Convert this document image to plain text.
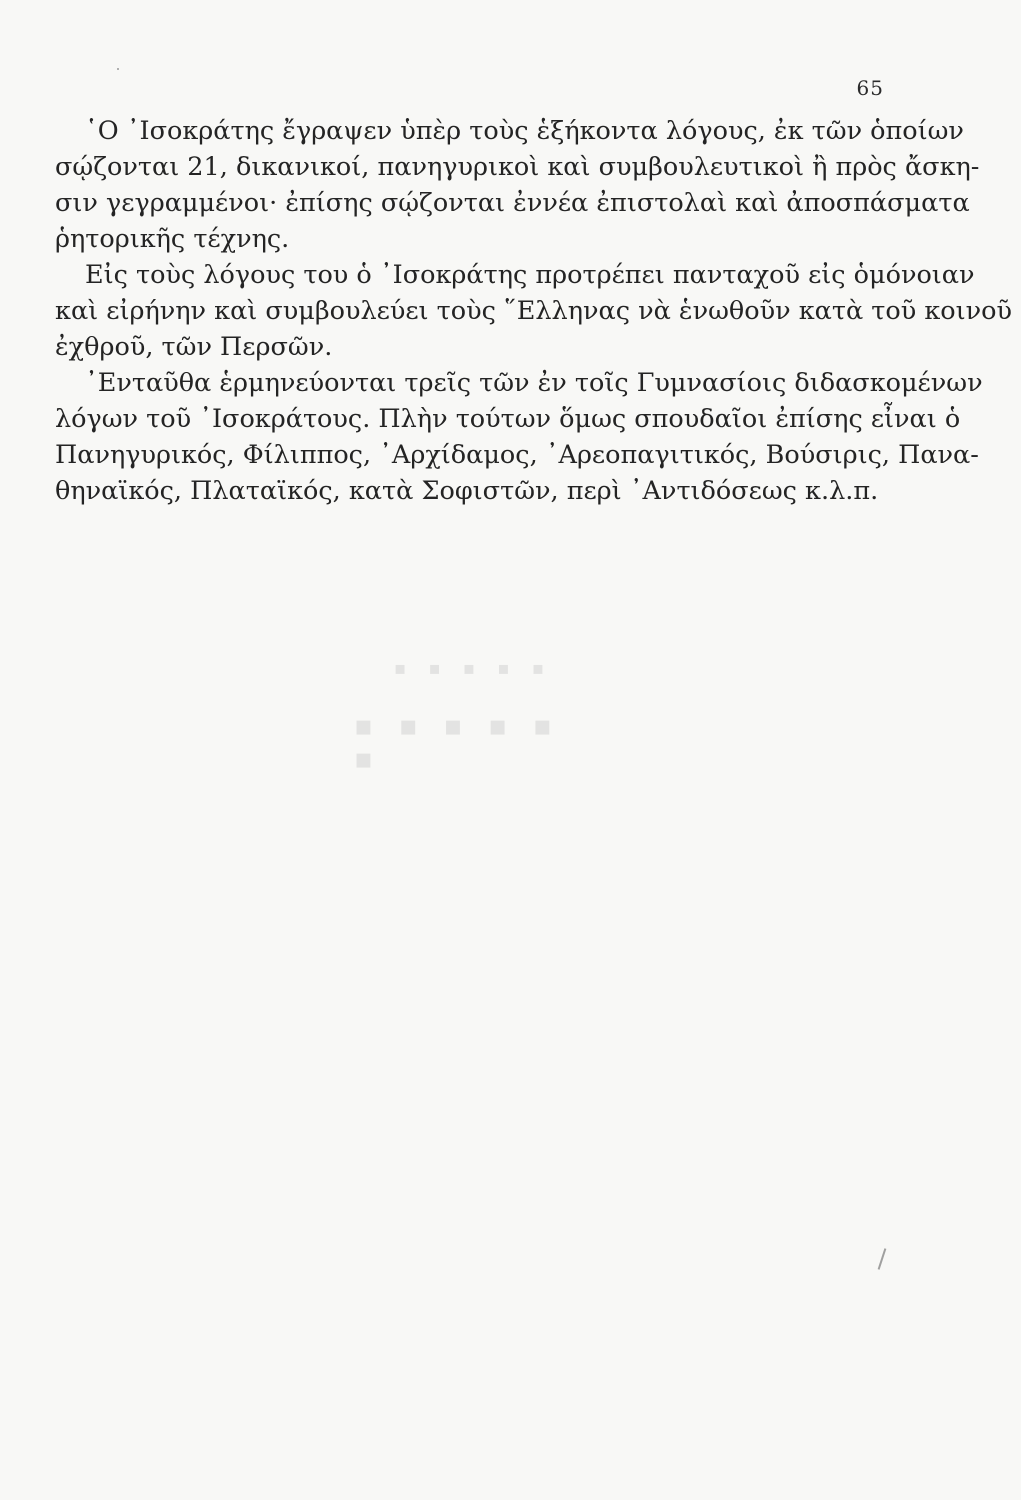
65
῾Ο ᾿Ισοκράτης ἔγραψεν ὑπὲρ τοὺς ἑξήκοντα λόγους, ἐκ τῶν ὁποίων
σῴζονται 21, δικανικοί, πανηγυρικοὶ καὶ συμβουλευτικοὶ ἢ πρὸς ἄσκη-
σιν γεγραμμένοι· ἐπίσης σῴζονται ἐννέα ἐπιστολαὶ καὶ ἀποσπάσματα
ῥητορικῆς τέχνης.
Εἰς τοὺς λόγους του ὁ ᾿Ισοκράτης προτρέπει πανταχοῦ εἰς ὁμόνοιαν
καὶ εἰρήνην καὶ συμβουλεύει τοὺς ῞Ελληνας νὰ ἑνωθοῦν κατὰ τοῦ κοινοῦ
ἐχθροῦ, τῶν Περσῶν.
᾿Ενταῦθα ἑρμηνεύονται τρεῖς τῶν ἐν τοῖς Γυμνασίοις διδασκομένων
λόγων τοῦ ᾿Ισοκράτους. Πλὴν τούτων ὅμως σπουδαῖοι ἐπίσης εἶναι ὁ
Πανηγυρικός, Φίλιππος, ᾿Αρχίδαμος, ᾿Αρεοπαγιτικός, Βούσιρις, Πανα-
θηναϊκός, Πλαταϊκός, κατὰ Σοφιστῶν, περὶ ᾿Αντιδόσεως κ.λ.π.
▪ ▪ ▪ ▪ ▪
▪ ▪ ▪ ▪ ▪ ▪
